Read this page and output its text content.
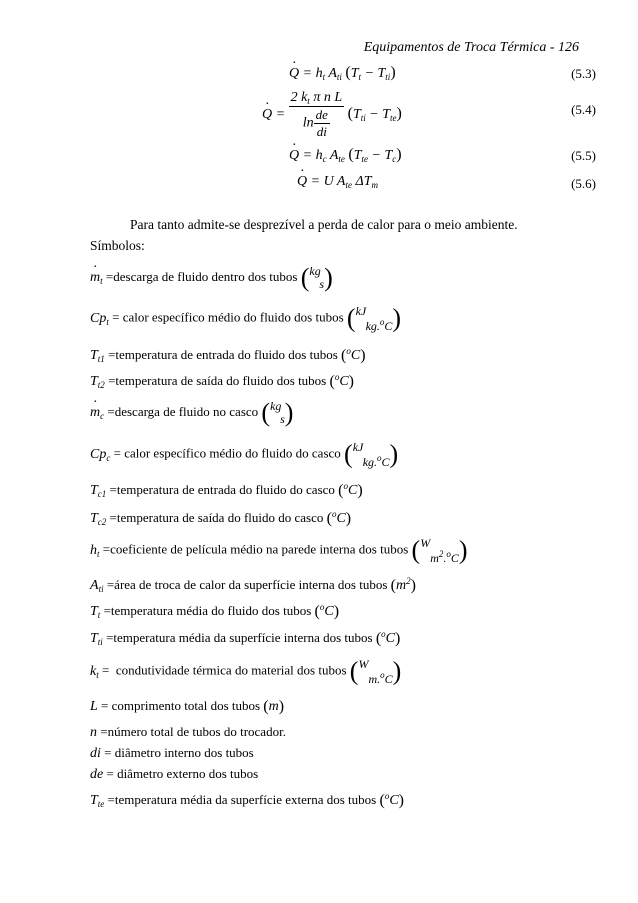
Equipamentos de Troca Térmica - 126
· $Q = h_t$ $A_{ti}$ $(T_t - T_{ti})$	(5.3)
· $Q = \frac{2 k_t \pi n L}{\ln \frac{de}{di}} (T_{ti} - T_{te})$	(5.4)
· $Q = h_c$ $A_{te}$ $(T_{te} - T_c)$	(5.5)
· Q = U $A_{te}$ $\Delta T_m$	(5.6)
Para tanto admite-se desprezível a perda de calor para o meio ambiente.
Símbolos:
· $m_t$ =descarga de fluido dentro dos tubos ( kg
s )
$Cp_t$ = calor específico médio do fluido dos tubos ( kJ
kg.$^o$C )
$T_{t1}$ =temperatura de entrada do fluido dos tubos ($^o$C)
$T_{t2}$ =temperatura de saída do fluido dos tubos ($^o$C)
· $m_c$ =descarga de fluido no casco ( kg
s )
$Cp_c$ = calor específico médio do fluido do casco ( kJ
kg.$^o$C )
$T_{c1}$ =temperatura de entrada do fluido do casco ($^o$C)
$T_{c2}$ =temperatura de saída do fluido do casco ($^o$C)
$h_t$ =coeficiente de película médio na parede interna dos tubos ( W
$m^2.^oC$ )
$A_{ti}$ =área de troca de calor da superfície interna dos tubos $(m^2)$
$T_t$ =temperatura média do fluido dos tubos ($^o$C)
$T_{ti}$ =temperatura média da superfície interna dos tubos ($^o$C)
$k_t$ =  condutividade térmica do material dos tubos ( W
m.$^o$C )
L = comprimento total dos tubos (m)
n =número total de tubos do trocador.
di = diâmetro interno dos tubos
de = diâmetro externo dos tubos
$T_{te}$ =temperatura média da superfície externa dos tubos ($^o$C)
